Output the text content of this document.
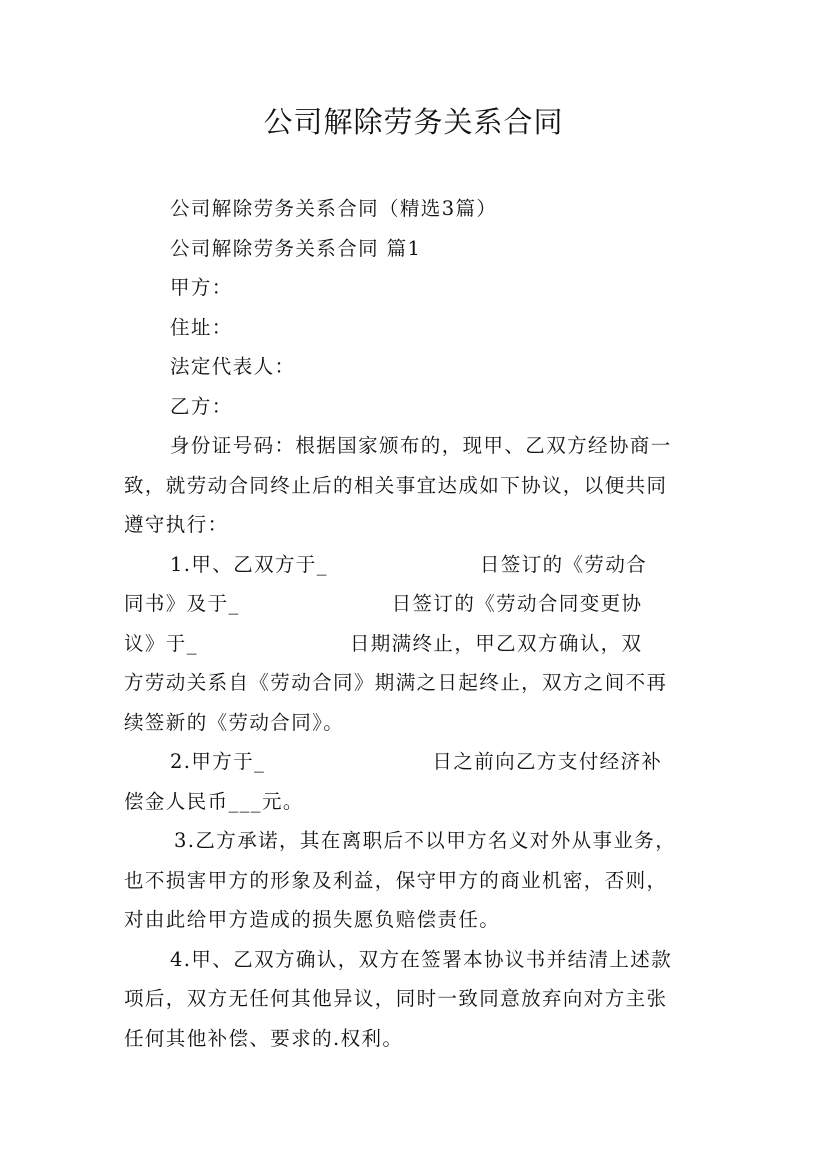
公司解除劳务关系合同
公司解除劳务关系合同（精选3篇）
公司解除劳务关系合同 篇1
甲方：
住址：
法定代表人：
乙方：
身份证号码：根据国家颁布的，现甲、乙双方经协商一
致，就劳动合同终止后的相关事宜达成如下协议，以便共同
遵守执行：
1.甲、乙双方于_                    日签订的《劳动合
同书》及于_                    日签订的《劳动合同变更协
议》于_                    日期满终止，甲乙双方确认，双
方劳动关系自《劳动合同》期满之日起终止，双方之间不再
续签新的《劳动合同》。
2.甲方于_                      日之前向乙方支付经济补
偿金人民币___元。
3.乙方承诺，其在离职后不以甲方名义对外从事业务，
也不损害甲方的形象及利益，保守甲方的商业机密，否则，
对由此给甲方造成的损失愿负赔偿责任。
4.甲、乙双方确认，双方在签署本协议书并结清上述款
项后，双方无任何其他异议，同时一致同意放弃向对方主张
任何其他补偿、要求的.权利。
